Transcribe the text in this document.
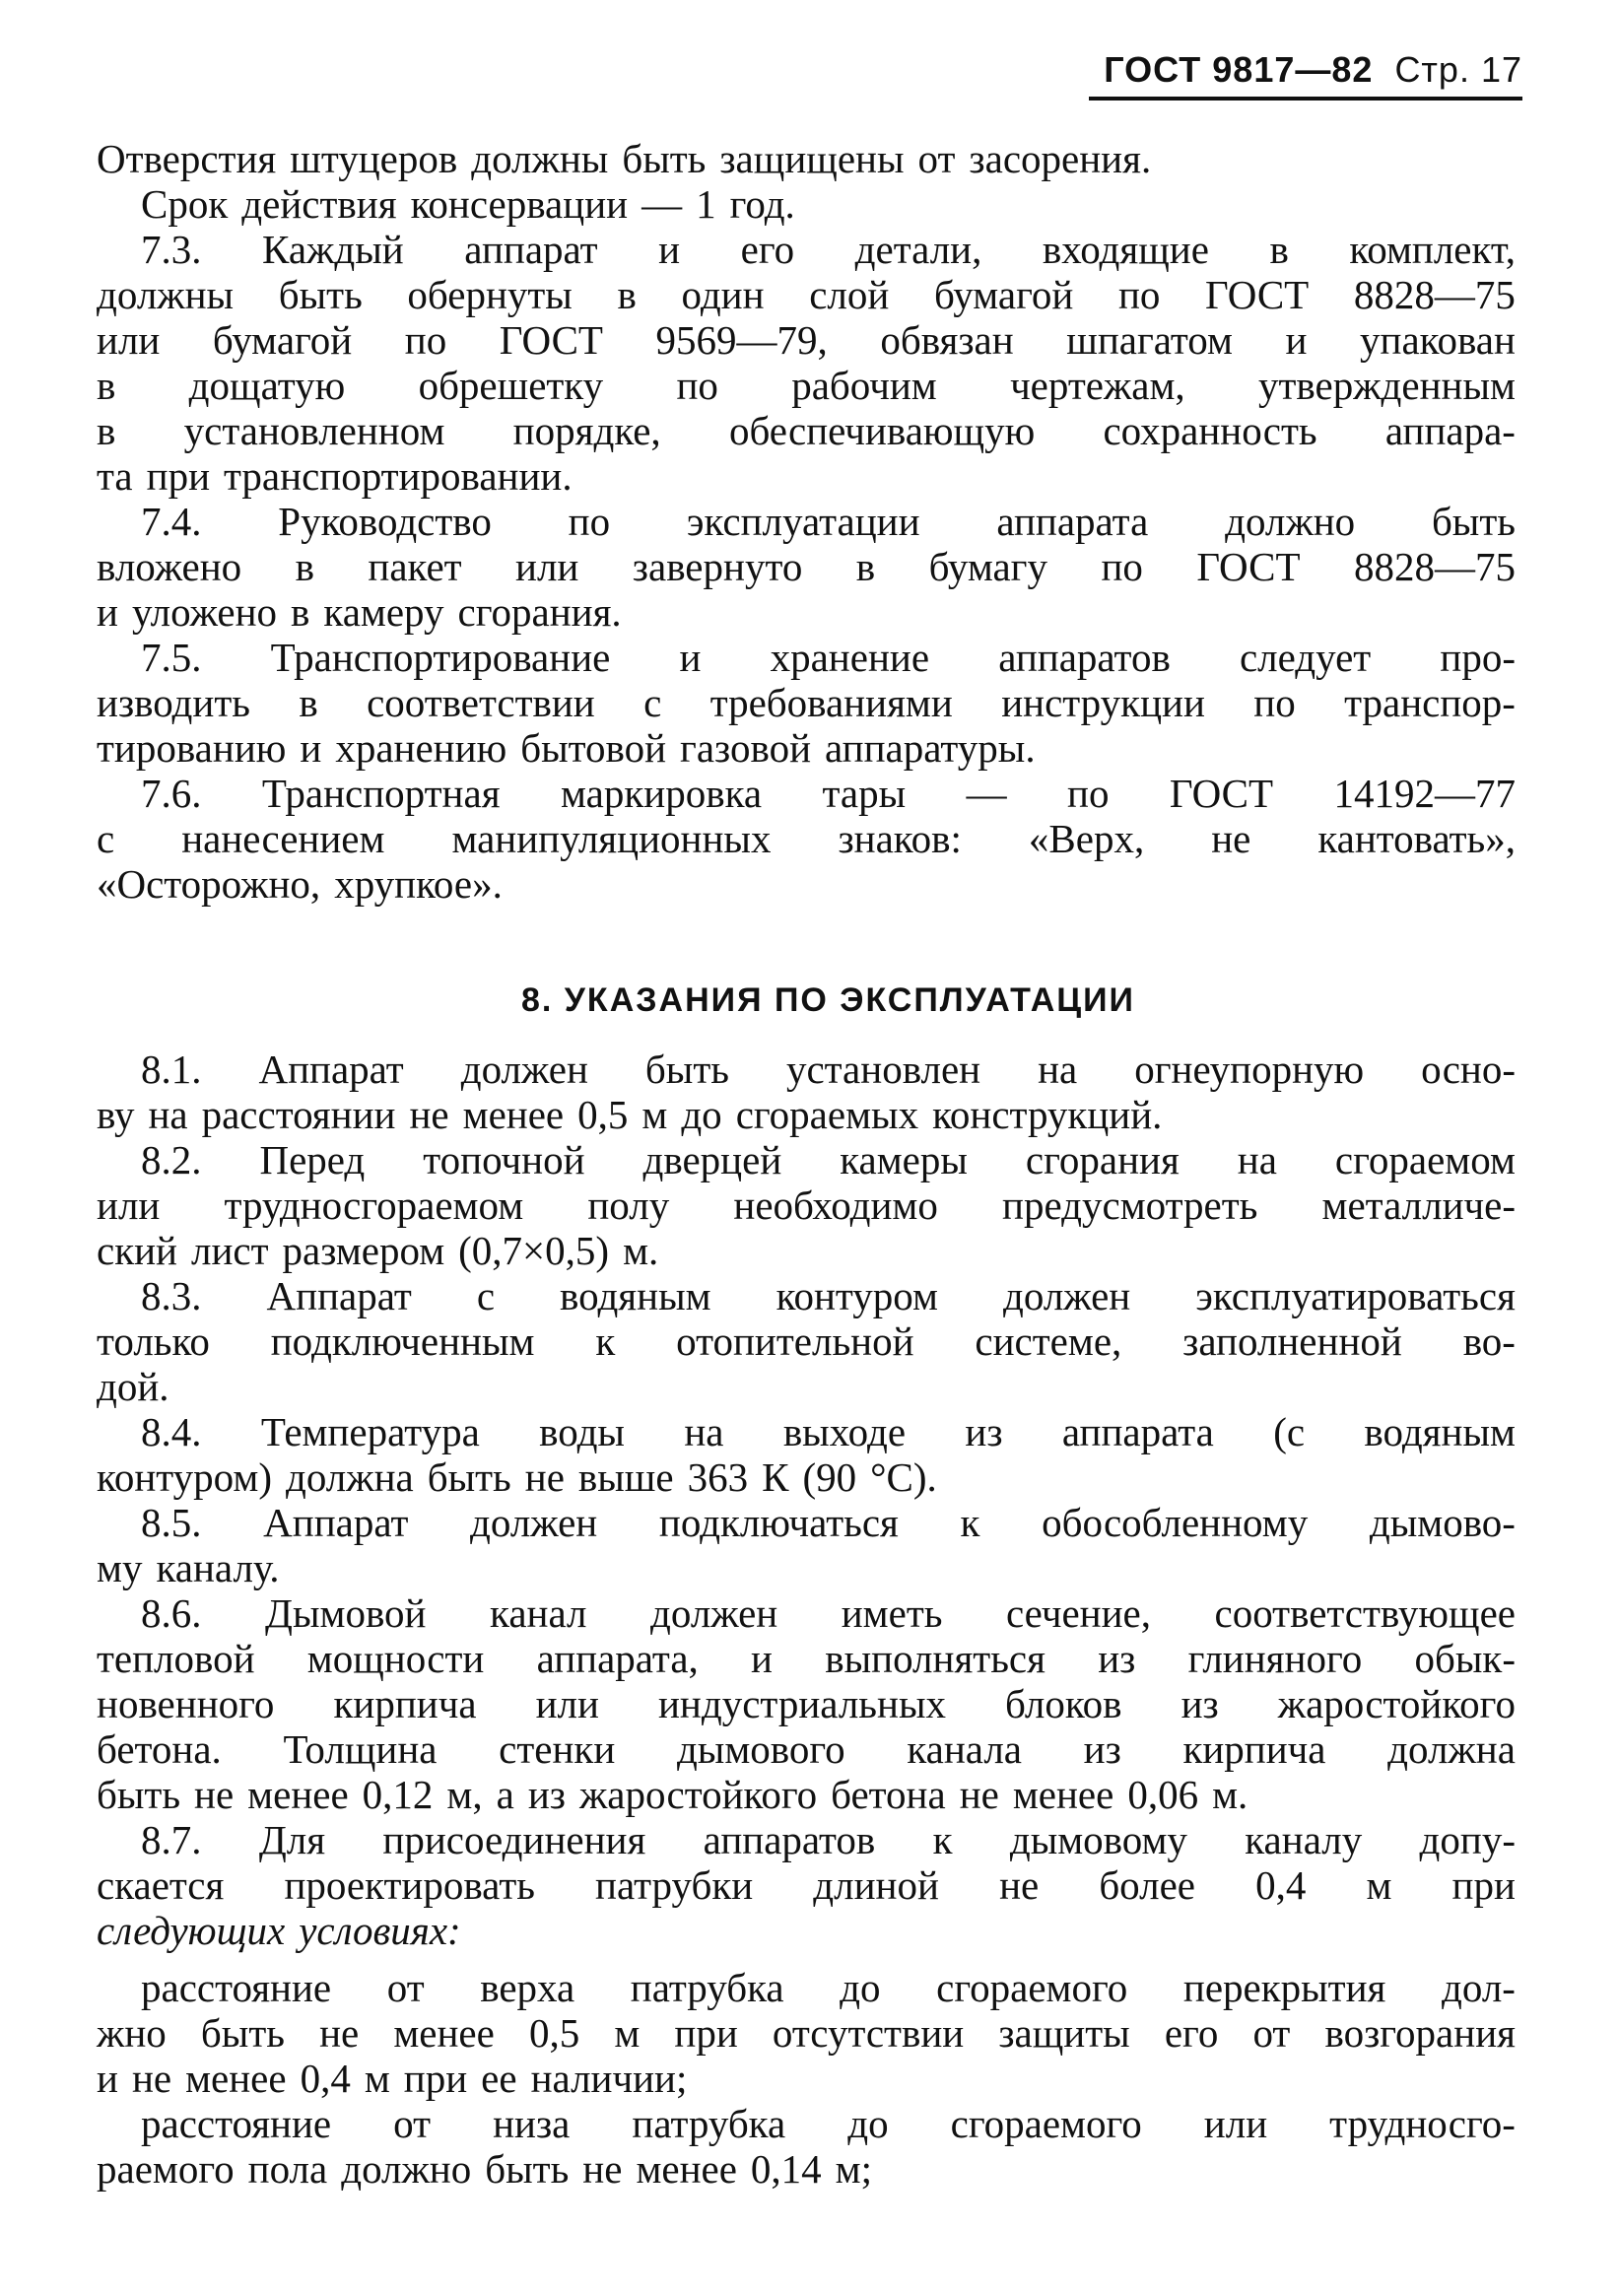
ГОСТ 9817—82 Стр. 17
Отверстия штуцеров должны быть защищены от засорения.
Срок действия консервации — 1 год.
7.3. Каждый аппарат и его детали, входящие в комплект,
должны быть обернуты в один слой бумагой по ГОСТ 8828—75
или бумагой по ГОСТ 9569—79, обвязан шпагатом и упакован
в дощатую обрешетку по рабочим чертежам, утвержденным
в установленном порядке, обеспечивающую сохранность аппара-
та при транспортировании.
7.4. Руководство по эксплуатации аппарата должно быть
вложено в пакет или завернуто в бумагу по ГОСТ 8828—75
и уложено в камеру сгорания.
7.5. Транспортирование и хранение аппаратов следует про-
изводить в соответствии с требованиями инструкции по транспор-
тированию и хранению бытовой газовой аппаратуры.
7.6. Транспортная маркировка тары — по ГОСТ 14192—77
с нанесением манипуляционных знаков: «Верх, не кантовать»,
«Осторожно, хрупкое».
8. УКАЗАНИЯ ПО ЭКСПЛУАТАЦИИ
8.1. Аппарат должен быть установлен на огнеупорную осно-
ву на расстоянии не менее 0,5 м до сгораемых конструкций.
8.2. Перед топочной дверцей камеры сгорания на сгораемом
или трудносгораемом полу необходимо предусмотреть металличе-
ский лист размером (0,7×0,5) м.
8.3. Аппарат с водяным контуром должен эксплуатироваться
только подключенным к отопительной системе, заполненной во-
дой.
8.4. Температура воды на выходе из аппарата (с водяным
контуром) должна быть не выше 363 К (90 °С).
8.5. Аппарат должен подключаться к обособленному дымово-
му каналу.
8.6. Дымовой канал должен иметь сечение, соответствующее
тепловой мощности аппарата, и выполняться из глиняного обык-
новенного кирпича или индустриальных блоков из жаростойкого
бетона. Толщина стенки дымового канала из кирпича должна
быть не менее 0,12 м, а из жаростойкого бетона не менее 0,06 м.
8.7. Для присоединения аппаратов к дымовому каналу допу-
скается проектировать патрубки длиной не более 0,4 м при
следующих условиях:
расстояние от верха патрубка до сгораемого перекрытия дол-
жно быть не менее 0,5 м при отсутствии защиты его от возгорания
и не менее 0,4 м при ее наличии;
расстояние от низа патрубка до сгораемого или трудносго-
раемого пола должно быть не менее 0,14 м;
